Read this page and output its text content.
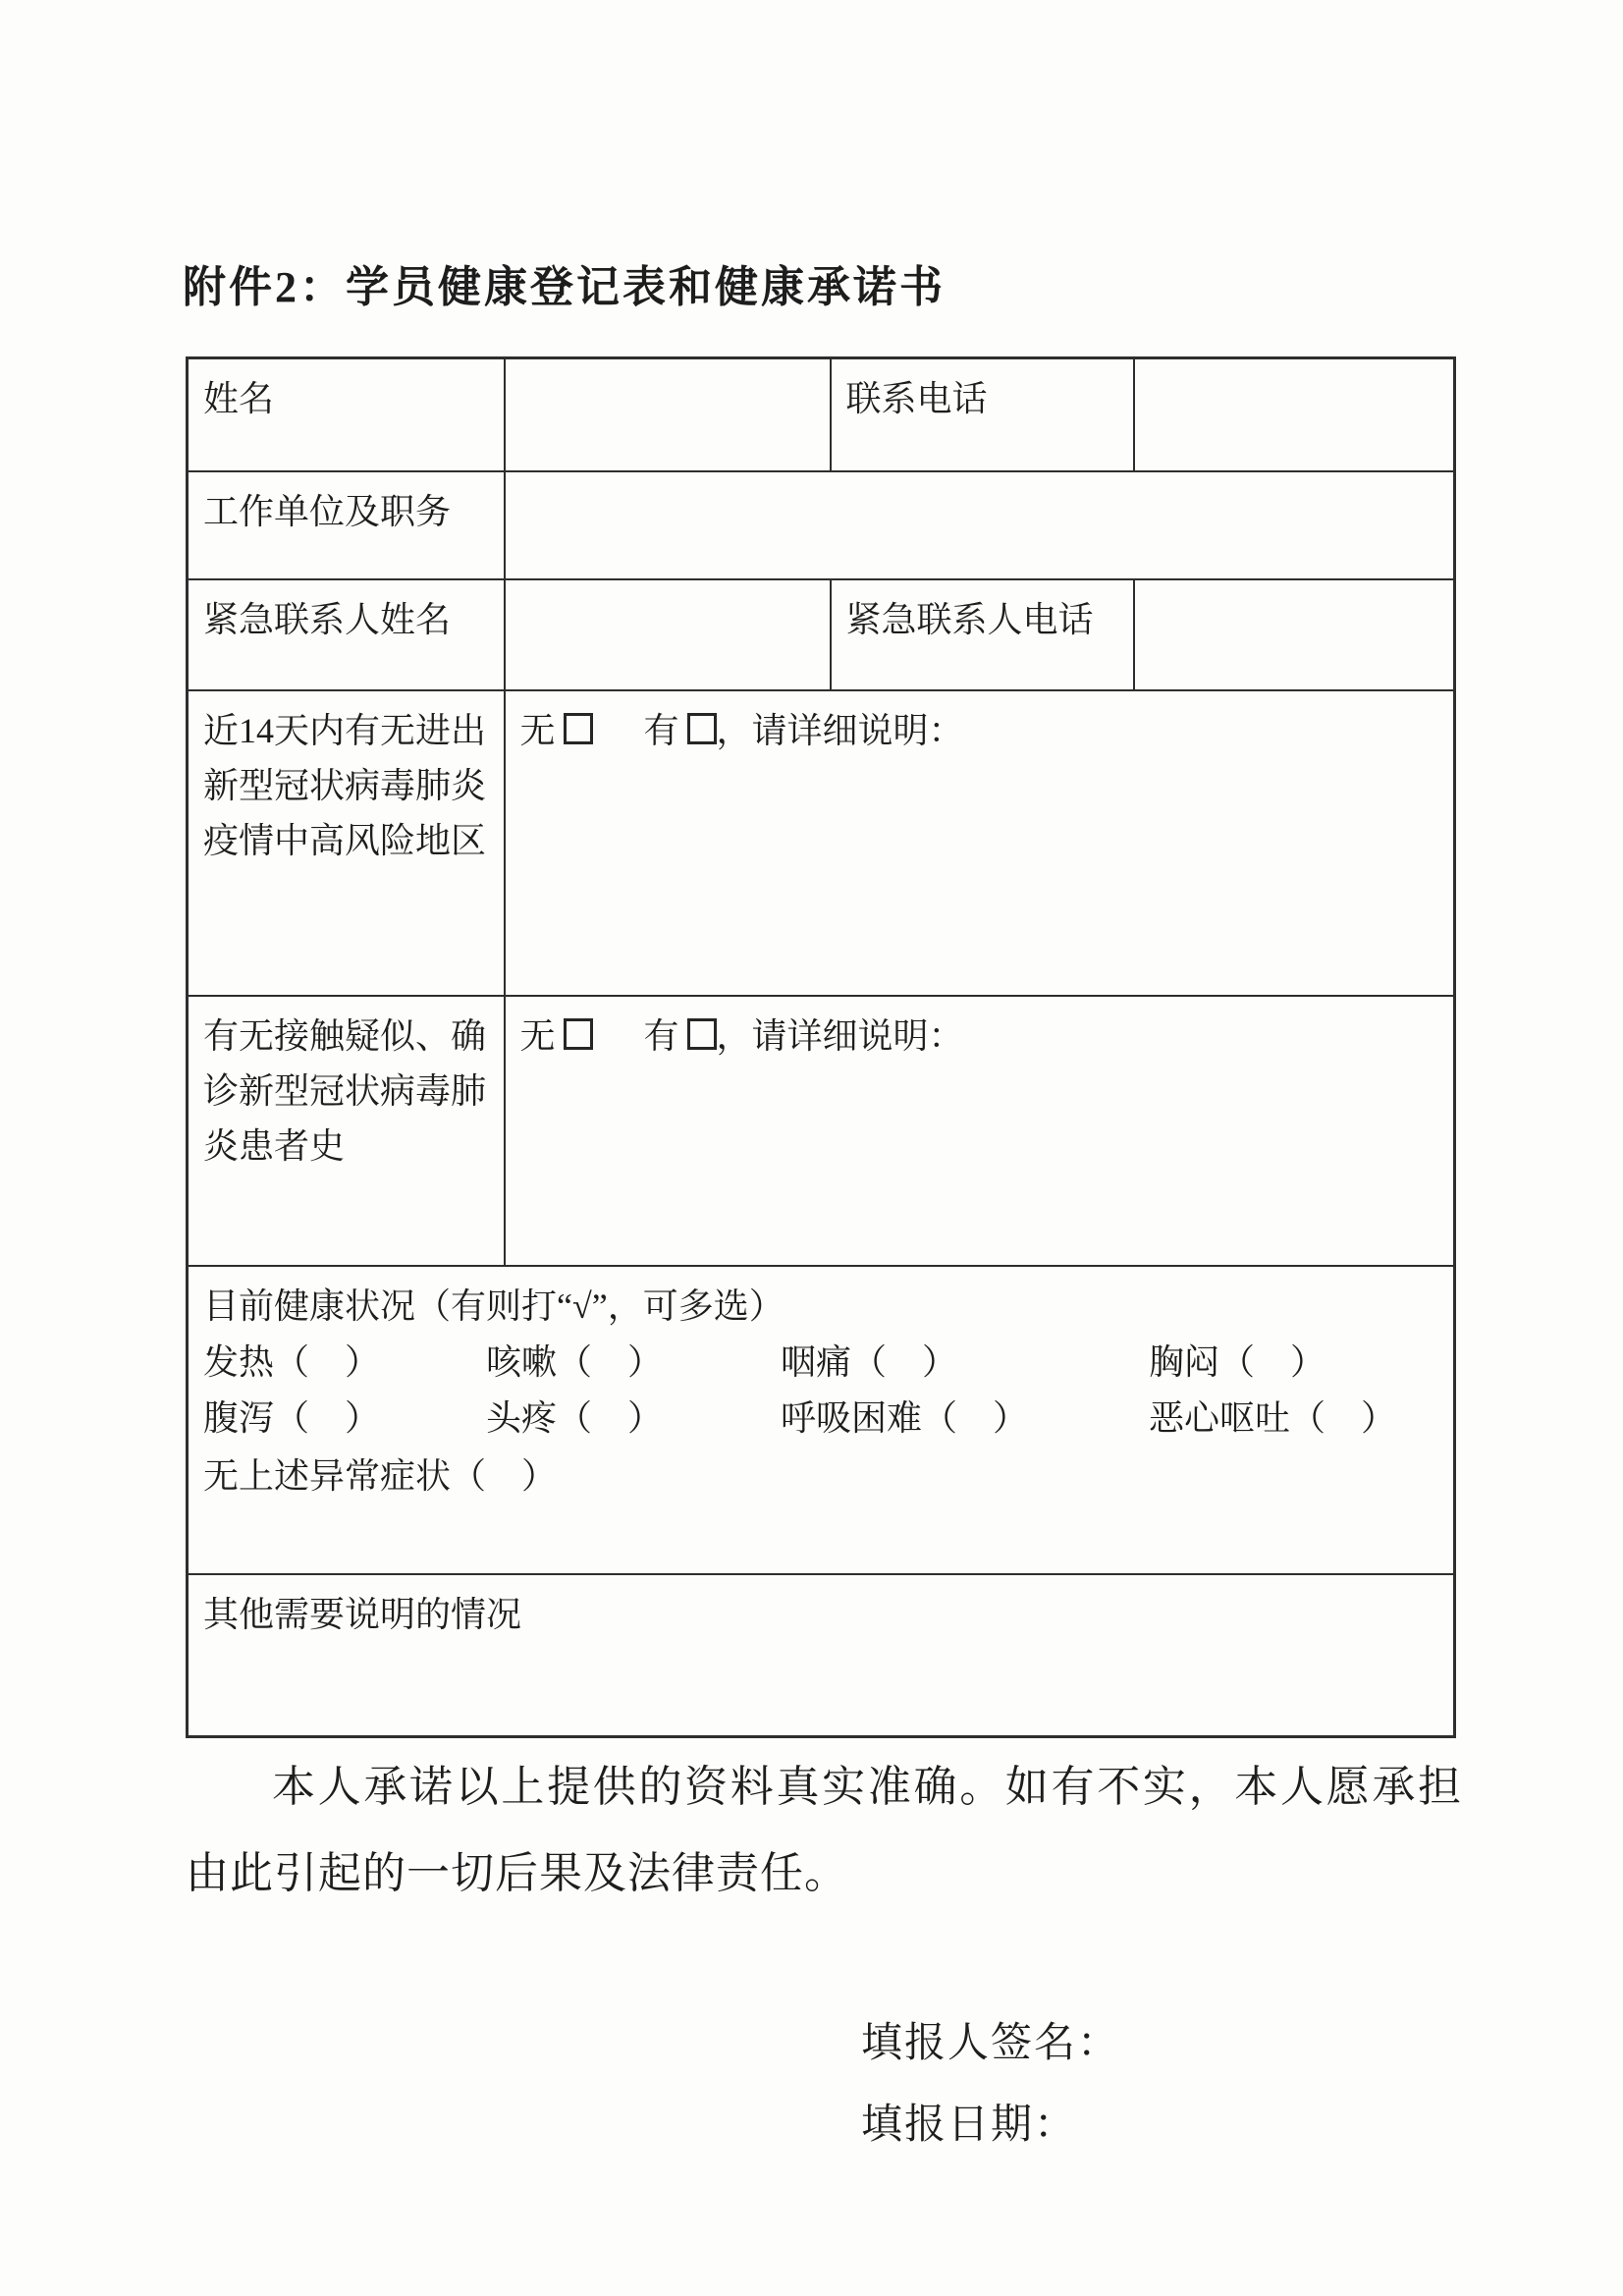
附件2：学员健康登记表和健康承诺书
姓名		联系电话	
工作单位及职务			
紧急联系人姓名		紧急联系人电话	
近14天内有无进出新型冠状病毒肺炎疫情中高风险地区	无 有 ，请详细说明：		
有无接触疑似、确诊新型冠状病毒肺炎患者史	无 有 ，请详细说明：		

目前健康状况（有则打“√”，可多选）
发热（　） 咳嗽（　） 咽痛（　） 胸闷（　）
腹泻（　） 头疼（　） 呼吸困难（　） 恶心呕吐（　）
无上述异常症状（　）			

其他需要说明的情况			
本人承诺以上提供的资料真实准确。如有不实，本人愿承担由此引起的一切后果及法律责任。
填报人签名：
填报日期：
